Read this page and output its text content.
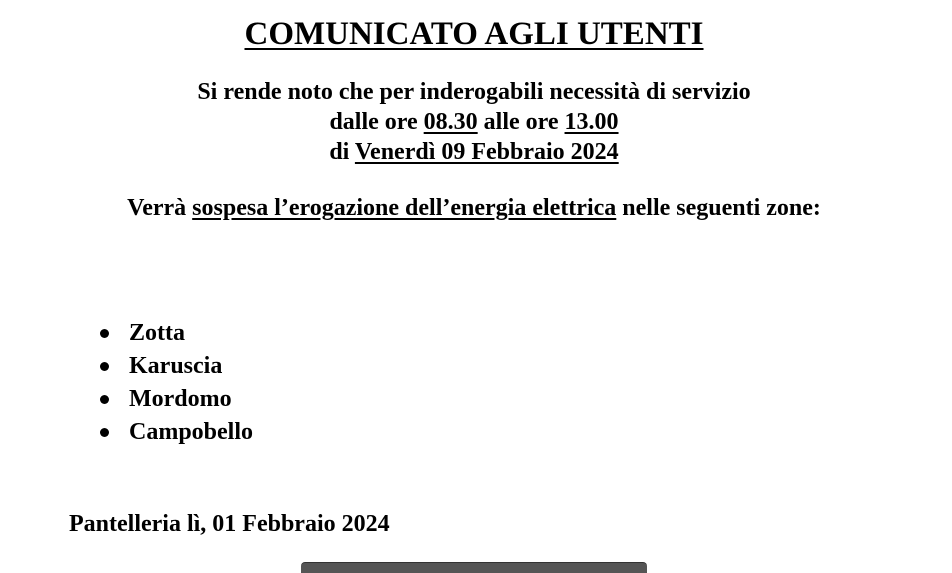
COMUNICATO AGLI UTENTI
Si rende noto che per inderogabili necessità di servizio
dalle ore 08.30 alle ore 13.00
di Venerdì 09 Febbraio 2024
Verrà sospesa l’erogazione dell’energia elettrica nelle seguenti zone:
Zotta
Karuscia
Mordomo
Campobello
Pantelleria lì, 01 Febbraio 2024
